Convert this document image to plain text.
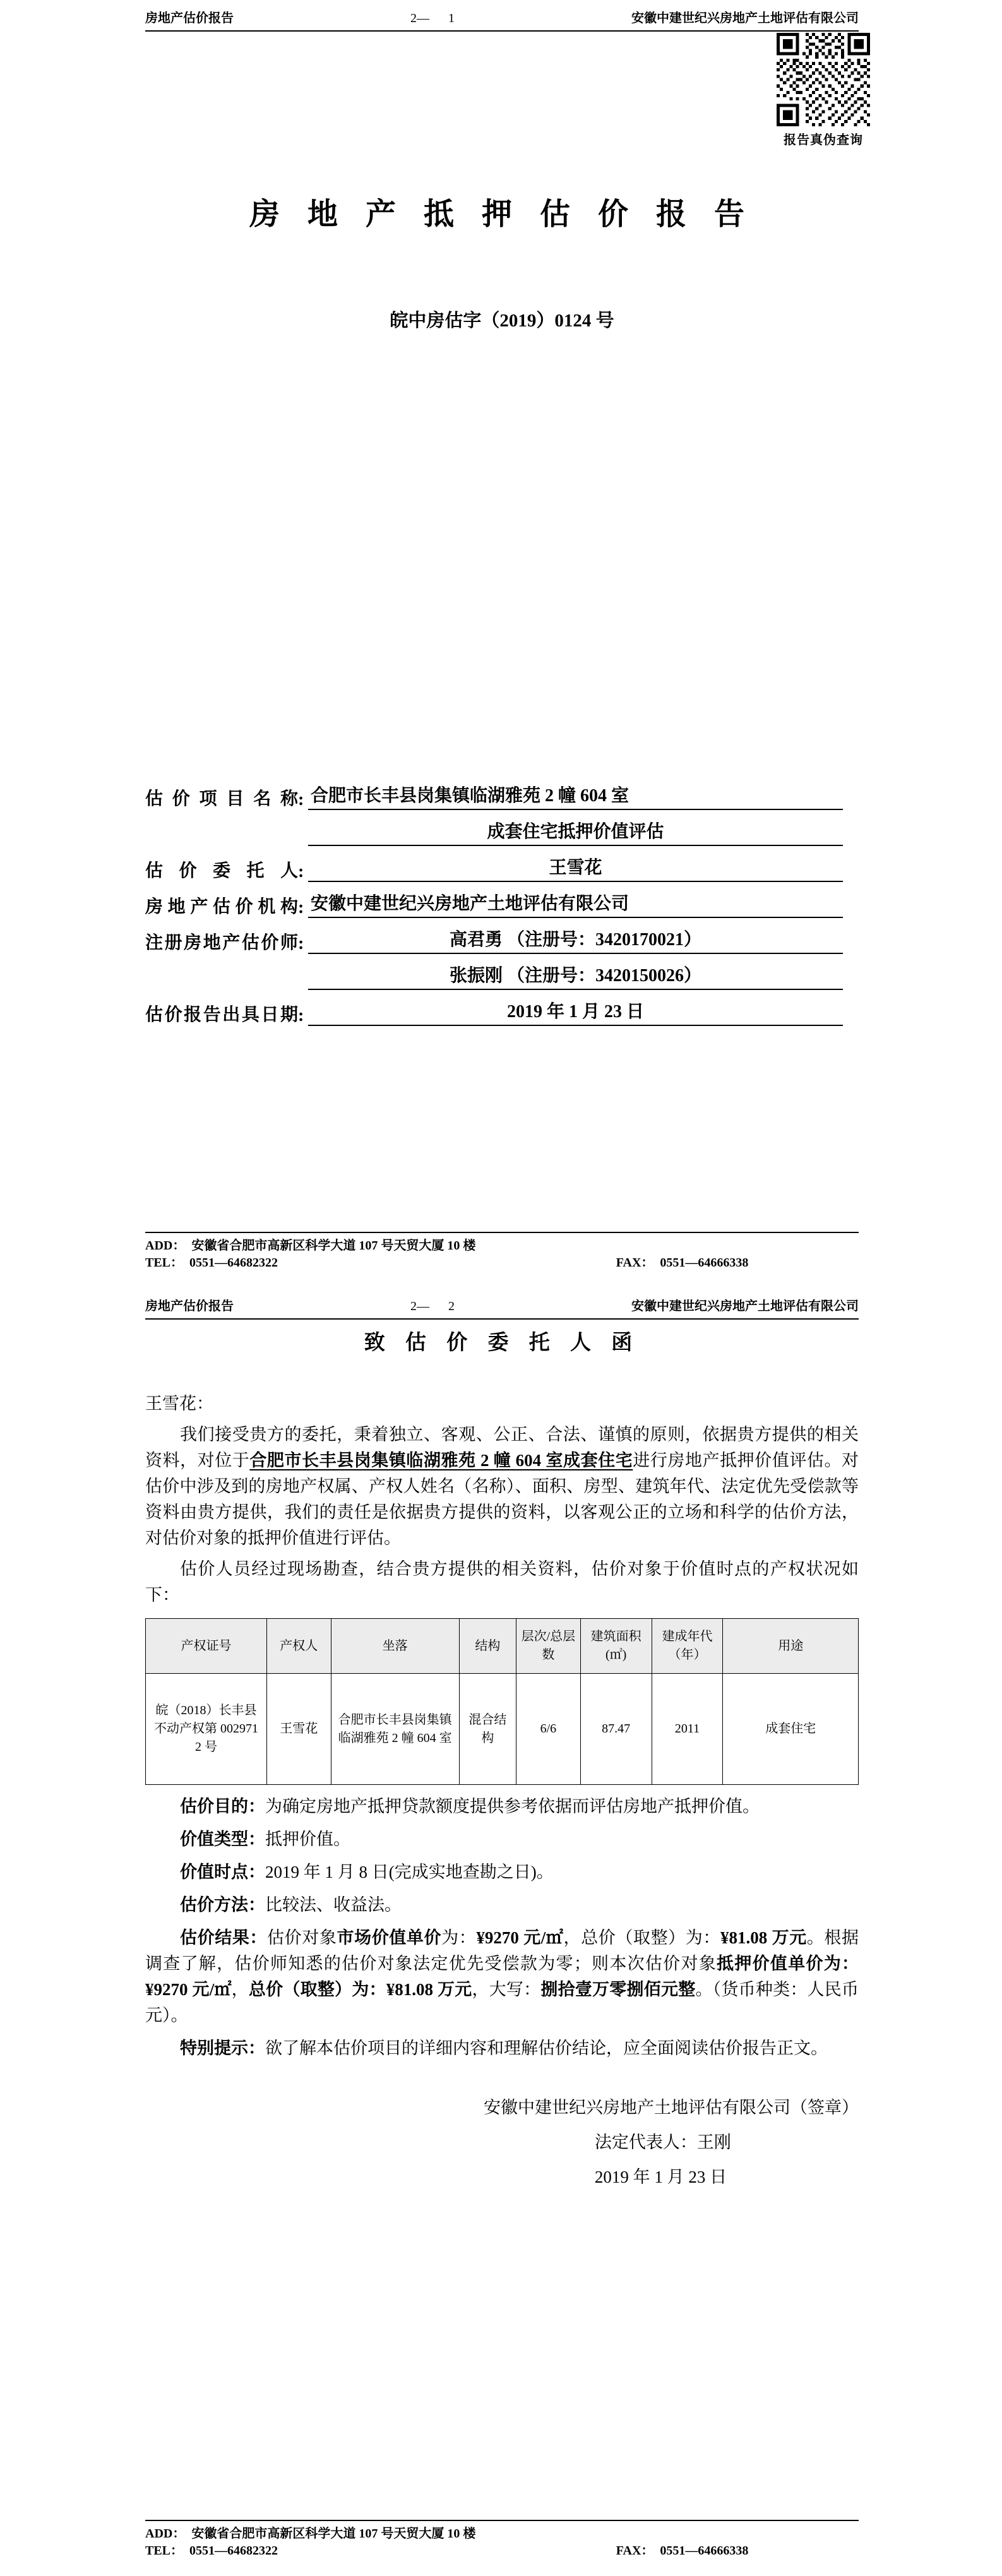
房地产估价报告	2—      1	安徽中建世纪兴房地产土地评估有限公司
报告真伪查询
房 地 产 抵 押 估 价 报 告
皖中房估字（2019）0124 号
估价项目名称 : 合肥市长丰县岗集镇临湖雅苑 2 幢 604 室
成套住宅抵押价值评估
估价委托人 :	王雪花
房地产估价机构 : 安徽中建世纪兴房地产土地评估有限公司
注册房地产估价师 :	高君勇 （注册号：3420170021）
张振刚 （注册号：3420150026）
估价报告出具日期 :	2019 年 1 月 23 日
ADD：  安徽省合肥市高新区科学大道 107 号天贸大厦 10 楼
TEL：  0551—64682322	FAX：  0551—64666338
房地产估价报告	2—      2	安徽中建世纪兴房地产土地评估有限公司
致 估 价 委 托 人 函
王雪花：

我们接受贵方的委托，秉着独立、客观、公正、合法、谨慎的原则，依据贵方提供的相关资料，对位于合肥市长丰县岗集镇临湖雅苑 2 幢 604 室成套住宅进行房地产抵押价值评估。对估价中涉及到的房地产权属、产权人姓名（名称）、面积、房型、建筑年代、法定优先受偿款等资料由贵方提供，我们的责任是依据贵方提供的资料，以客观公正的立场和科学的估价方法，对估价对象的抵押价值进行评估。

估价人员经过现场勘查，结合贵方提供的相关资料，估价对象于价值时点的产权状况如下：

产权证号	产权人	坐落	结构	层次/总层数	建筑面积(㎡)	建成年代（年）	用途
皖（2018）长丰县不动产权第 0029712 号	王雪花	合肥市长丰县岗集镇临湖雅苑 2 幢 604 室	混合结构	6/6	87.47	2011	成套住宅

估价目的：为确定房地产抵押贷款额度提供参考依据而评估房地产抵押价值。

价值类型：抵押价值。

价值时点：2019 年 1 月 8 日(完成实地查勘之日)。

估价方法：比较法、收益法。

估价结果：估价对象市场价值单价为：¥9270 元/㎡，总价（取整）为：¥81.08 万元。根据调查了解，估价师知悉的估价对象法定优先受偿款为零；则本次估价对象抵押价值单价为：¥9270 元/㎡，总价（取整）为：¥81.08 万元，大写：捌拾壹万零捌佰元整。（货币种类：人民币元）。

特别提示：欲了解本估价项目的详细内容和理解估价结论，应全面阅读估价报告正文。

安徽中建世纪兴房地产土地评估有限公司（签章）
法定代表人：王刚
2019 年 1 月 23 日
ADD：  安徽省合肥市高新区科学大道 107 号天贸大厦 10 楼
TEL：  0551—64682322	FAX：  0551—64666338
